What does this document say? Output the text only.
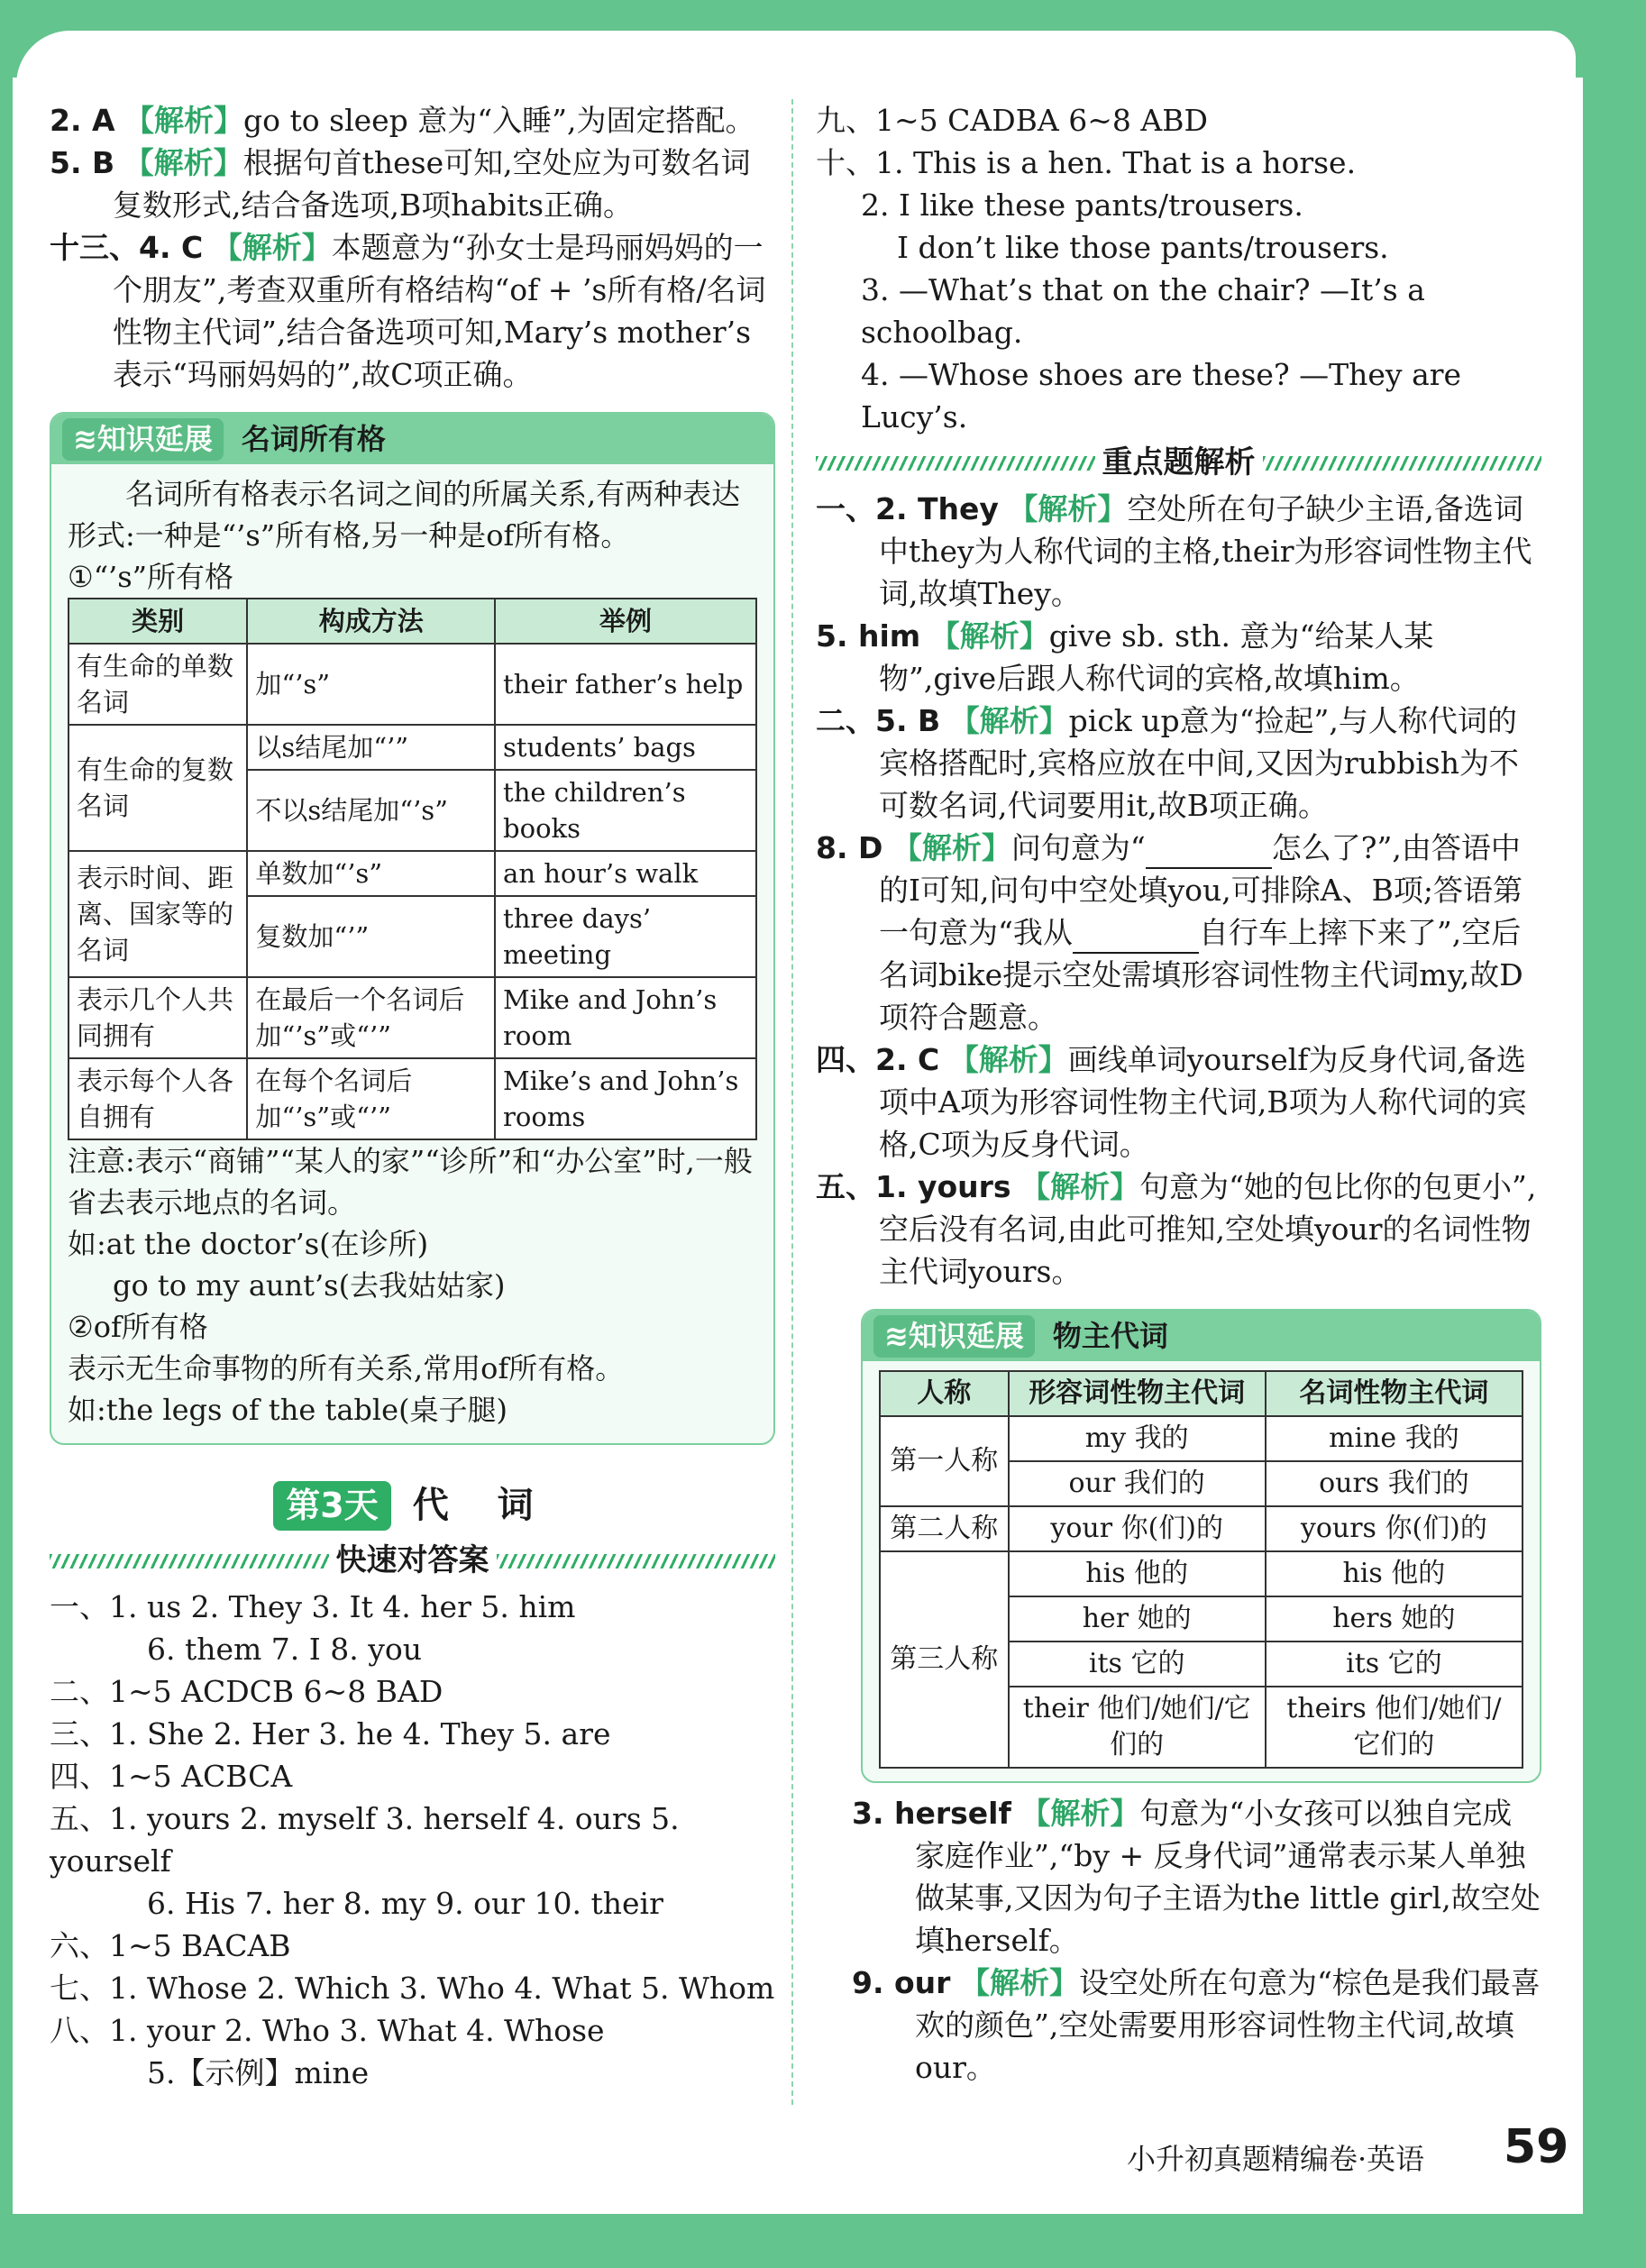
2. A 【解析】go to sleep 意为“入睡”,为固定搭配。

5. B 【解析】根据句首these可知,空处应为可数名词复数形式,结合备选项,B项habits正确。

十三、4. C 【解析】本题意为“孙女士是玛丽妈妈的一个朋友”,考查双重所有格结构“of + ’s所有格/名词性物主代词”,结合备选项可知,Mary’s mother’s表示“玛丽妈妈的”,故C项正确。

≋知识延展	名词所有格
名词所有格表示名词之间的所属关系,有两种表达形式:一种是“’s”所有格,另一种是of所有格。
①“’s”所有格
类别	构成方法	举例
有生命的单数名词	加“’s”	their father’s help
有生命的复数名词	以s结尾加“’”	students’ bags
	不以s结尾加“’s”	the children’s books
表示时间、距离、国家等的名词	单数加“’s”	an hour’s walk
	复数加“’”	three days’ meeting
表示几个人共同拥有	在最后一个名词后加“’s”或“’”	Mike and John’s room
表示每个人各自拥有	在每个名词后加“’s”或“’”	Mike’s and John’s rooms
注意:表示“商铺”“某人的家”“诊所”和“办公室”时,一般省去表示地点的名词。
如:at the doctor’s(在诊所)
go to my aunt’s(去我姑姑家)
②of所有格
表示无生命事物的所有关系,常用of所有格。
如:the legs of the table(桌子腿)
第3天 代 词
快速对答案
一、1. us 2. They 3. It 4. her 5. him
6. them 7. I 8. you
二、1~5 ACDCB 6~8 BAD
三、1. She 2. Her 3. he 4. They 5. are
四、1~5 ACBCA
五、1. yours 2. myself 3. herself 4. ours 5. yourself
6. His 7. her 8. my 9. our 10. their
六、1~5 BACAB
七、1. Whose 2. Which 3. Who 4. What 5. Whom
八、1. your 2. Who 3. What 4. Whose
5.【示例】mine
九、1~5 CADBA 6~8 ABD
十、1. This is a hen. That is a horse.
2. I like these pants/trousers.
I don’t like those pants/trousers.
3. —What’s that on the chair? —It’s a schoolbag.
4. —Whose shoes are these? —They are Lucy’s.
重点题解析

一、2. They 【解析】空处所在句子缺少主语,备选词中they为人称代词的主格,their为形容词性物主代词,故填They。

5. him 【解析】give sb. sth. 意为“给某人某物”,give后跟人称代词的宾格,故填him。

二、5. B 【解析】pick up意为“捡起”,与人称代词的宾格搭配时,宾格应放在中间,又因为rubbish为不可数名词,代词要用it,故B项正确。

8. D 【解析】问句意为“	怎么了?”,由答语中的I可知,问句中空处填you,可排除A、B项;答语第一句意为“我从	自行车上摔下来了”,空后名词bike提示空处需填形容词性物主代词my,故D项符合题意。

四、2. C 【解析】画线单词yourself为反身代词,备选项中A项为形容词性物主代词,B项为人称代词的宾格,C项为反身代词。

五、1. yours 【解析】句意为“她的包比你的包更小”,空后没有名词,由此可推知,空处填your的名词性物主代词yours。

≋知识延展	物主代词
人称	形容词性物主代词	名词性物主代词
第一人称	my 我的	mine 我的
	our 我们的	ours 我们的
第二人称	your 你(们)的	yours 你(们)的
第三人称	his 他的	his 他的
	her 她的	hers 她的
	its 它的	its 它的
	their 他们/她们/它们的	theirs 他们/她们/它们的

3. herself 【解析】句意为“小女孩可以独自完成家庭作业”,“by + 反身代词”通常表示某人单独做某事,又因为句子主语为the little girl,故空处填herself。

9. our 【解析】设空处所在句意为“棕色是我们最喜欢的颜色”,空处需要用形容词性物主代词,故填our。

小升初真题精编卷·英语 59
